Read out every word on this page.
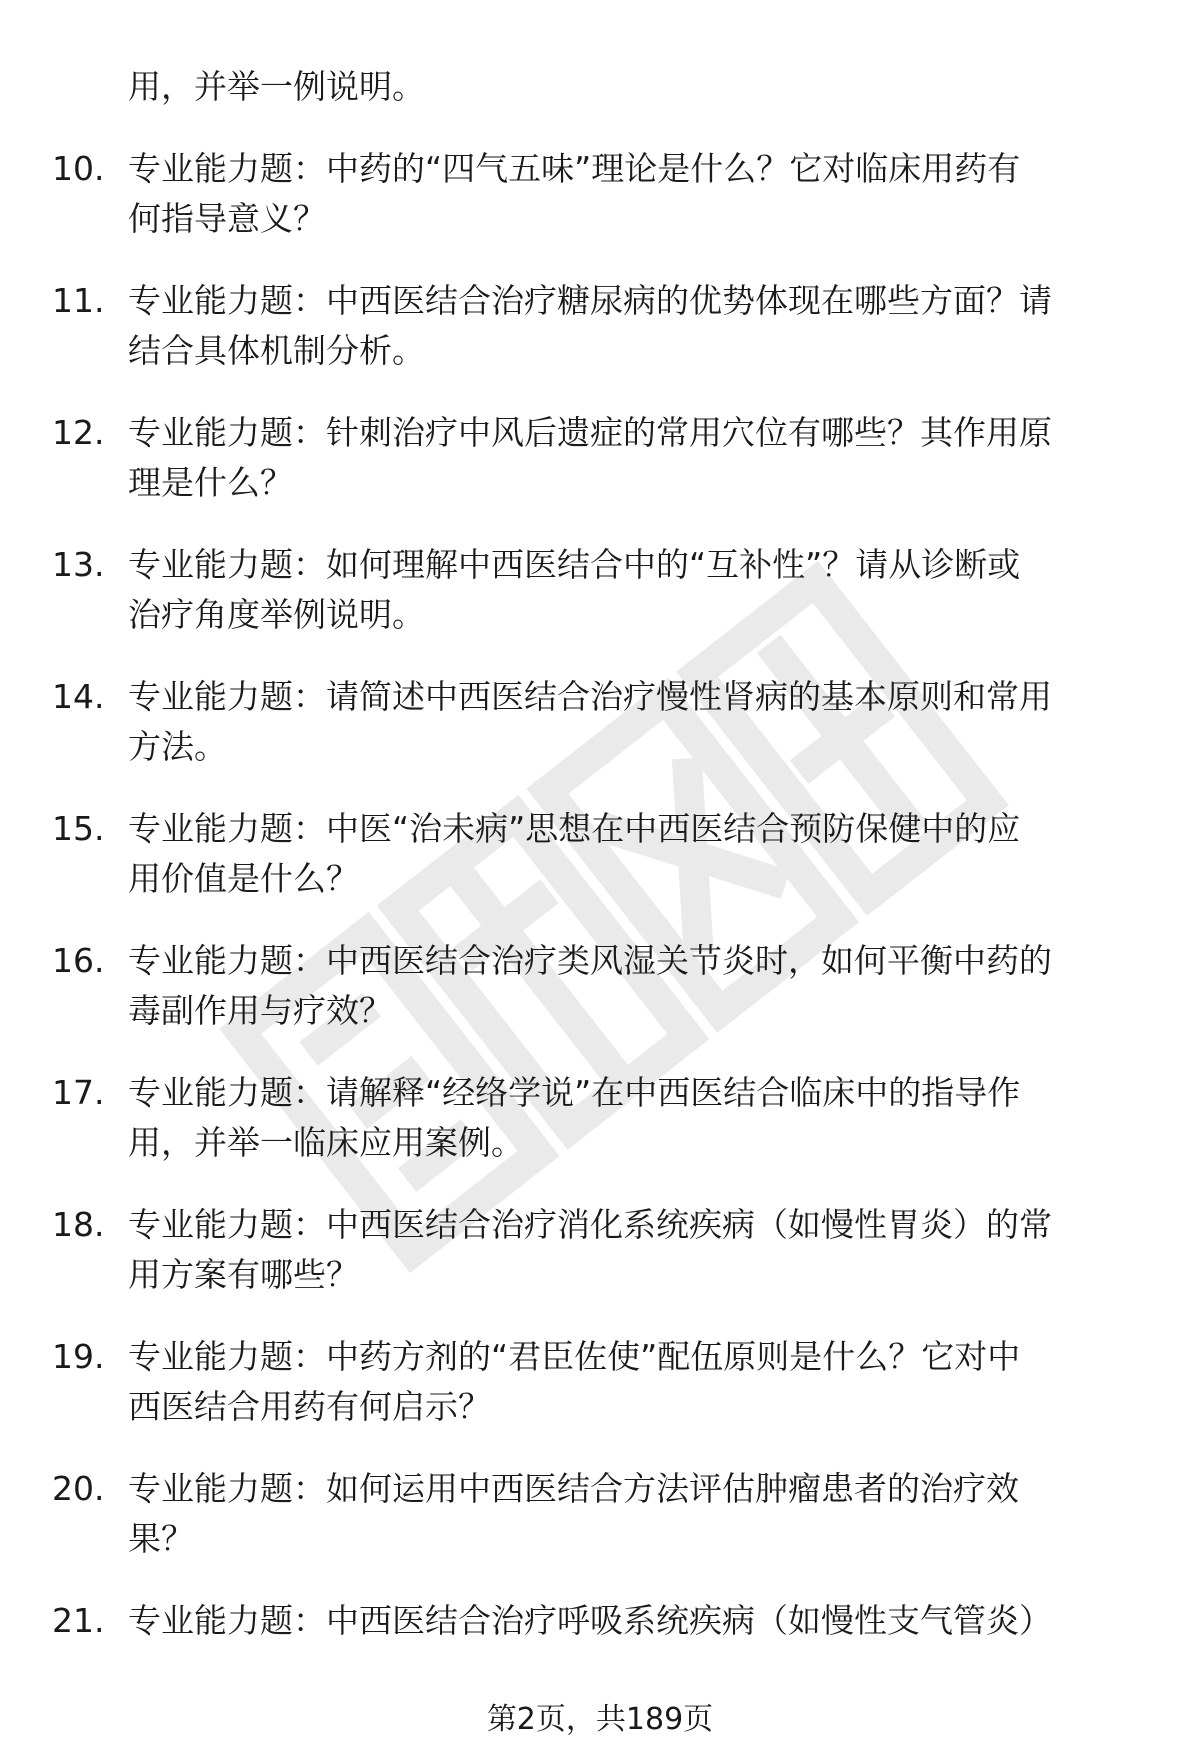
用，并举一例说明。
10. 专业能力题：中药的“四气五味”理论是什么？它对临床用药有
何指导意义？
11. 专业能力题：中西医结合治疗糖尿病的优势体现在哪些方面？请
结合具体机制分析。
12. 专业能力题：针刺治疗中风后遗症的常用穴位有哪些？其作用原
理是什么？
13. 专业能力题：如何理解中西医结合中的“互补性”？请从诊断或
治疗角度举例说明。
14. 专业能力题：请简述中西医结合治疗慢性肾病的基本原则和常用
方法。
15. 专业能力题：中医“治未病”思想在中西医结合预防保健中的应
用价值是什么？
16. 专业能力题：中西医结合治疗类风湿关节炎时，如何平衡中药的
毒副作用与疗效？
17. 专业能力题：请解释“经络学说”在中西医结合临床中的指导作
用，并举一临床应用案例。
18. 专业能力题：中西医结合治疗消化系统疾病（如慢性胃炎）的常
用方案有哪些？
19. 专业能力题：中药方剂的“君臣佐使”配伍原则是什么？它对中
西医结合用药有何启示？
20. 专业能力题：如何运用中西医结合方法评估肿瘤患者的治疗效
果？
21. 专业能力题：中西医结合治疗呼吸系统疾病（如慢性支气管炎）
第2页，共189页
